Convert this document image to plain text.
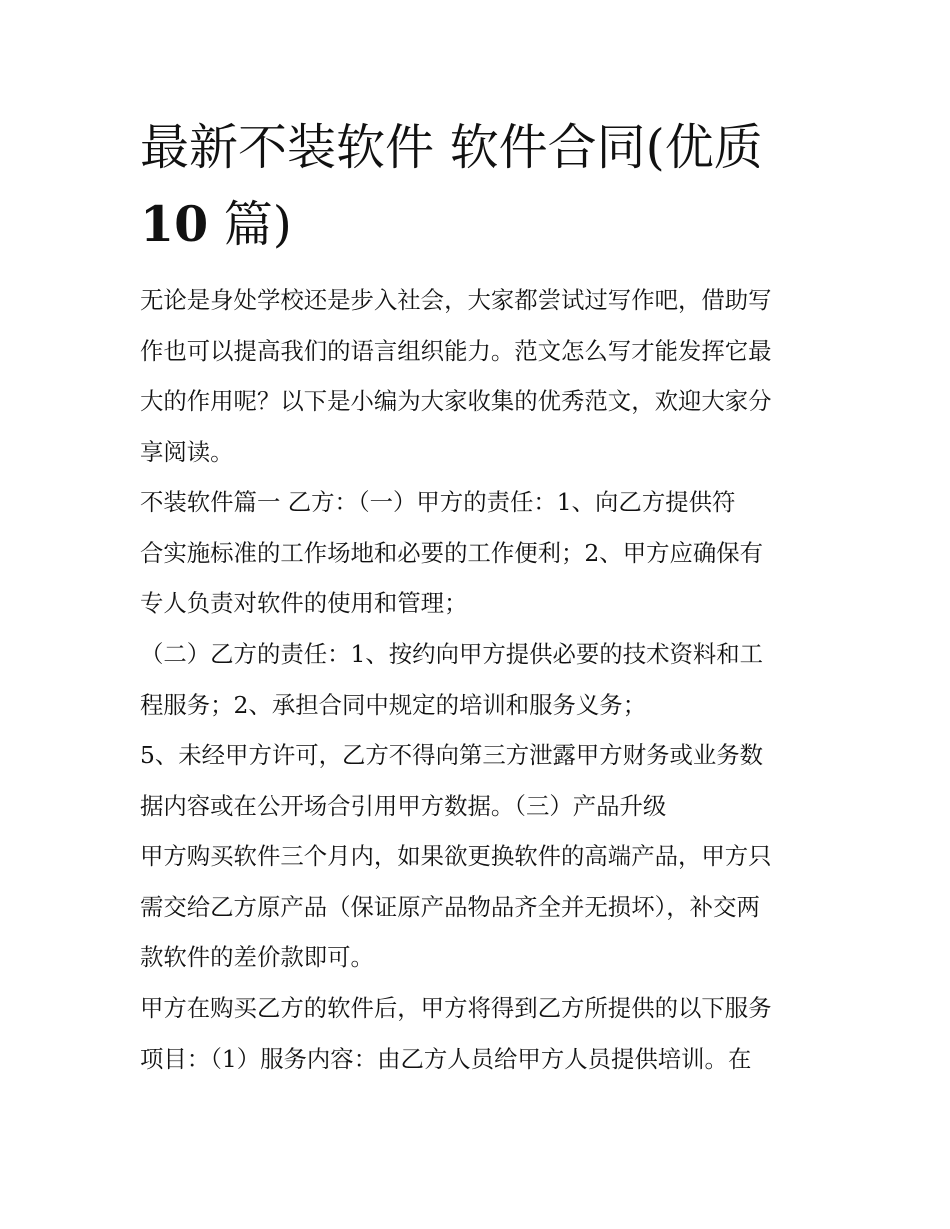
最新不装软件 软件合同(优质
10 篇)
无论是身处学校还是步入社会，大家都尝试过写作吧，借助写
作也可以提高我们的语言组织能力。范文怎么写才能发挥它最
大的作用呢？以下是小编为大家收集的优秀范文，欢迎大家分
享阅读。
不装软件篇一 乙方：（一）甲方的责任：1、向乙方提供符
合实施标准的工作场地和必要的工作便利；2、甲方应确保有
专人负责对软件的使用和管理；
（二）乙方的责任：1、按约向甲方提供必要的技术资料和工
程服务；2、承担合同中规定的培训和服务义务；
5、未经甲方许可，乙方不得向第三方泄露甲方财务或业务数
据内容或在公开场合引用甲方数据。（三）产品升级
甲方购买软件三个月内，如果欲更换软件的高端产品，甲方只
需交给乙方原产品（保证原产品物品齐全并无损坏），补交两
款软件的差价款即可。
甲方在购买乙方的软件后，甲方将得到乙方所提供的以下服务
项目：（1）服务内容：由乙方人员给甲方人员提供培训。在
